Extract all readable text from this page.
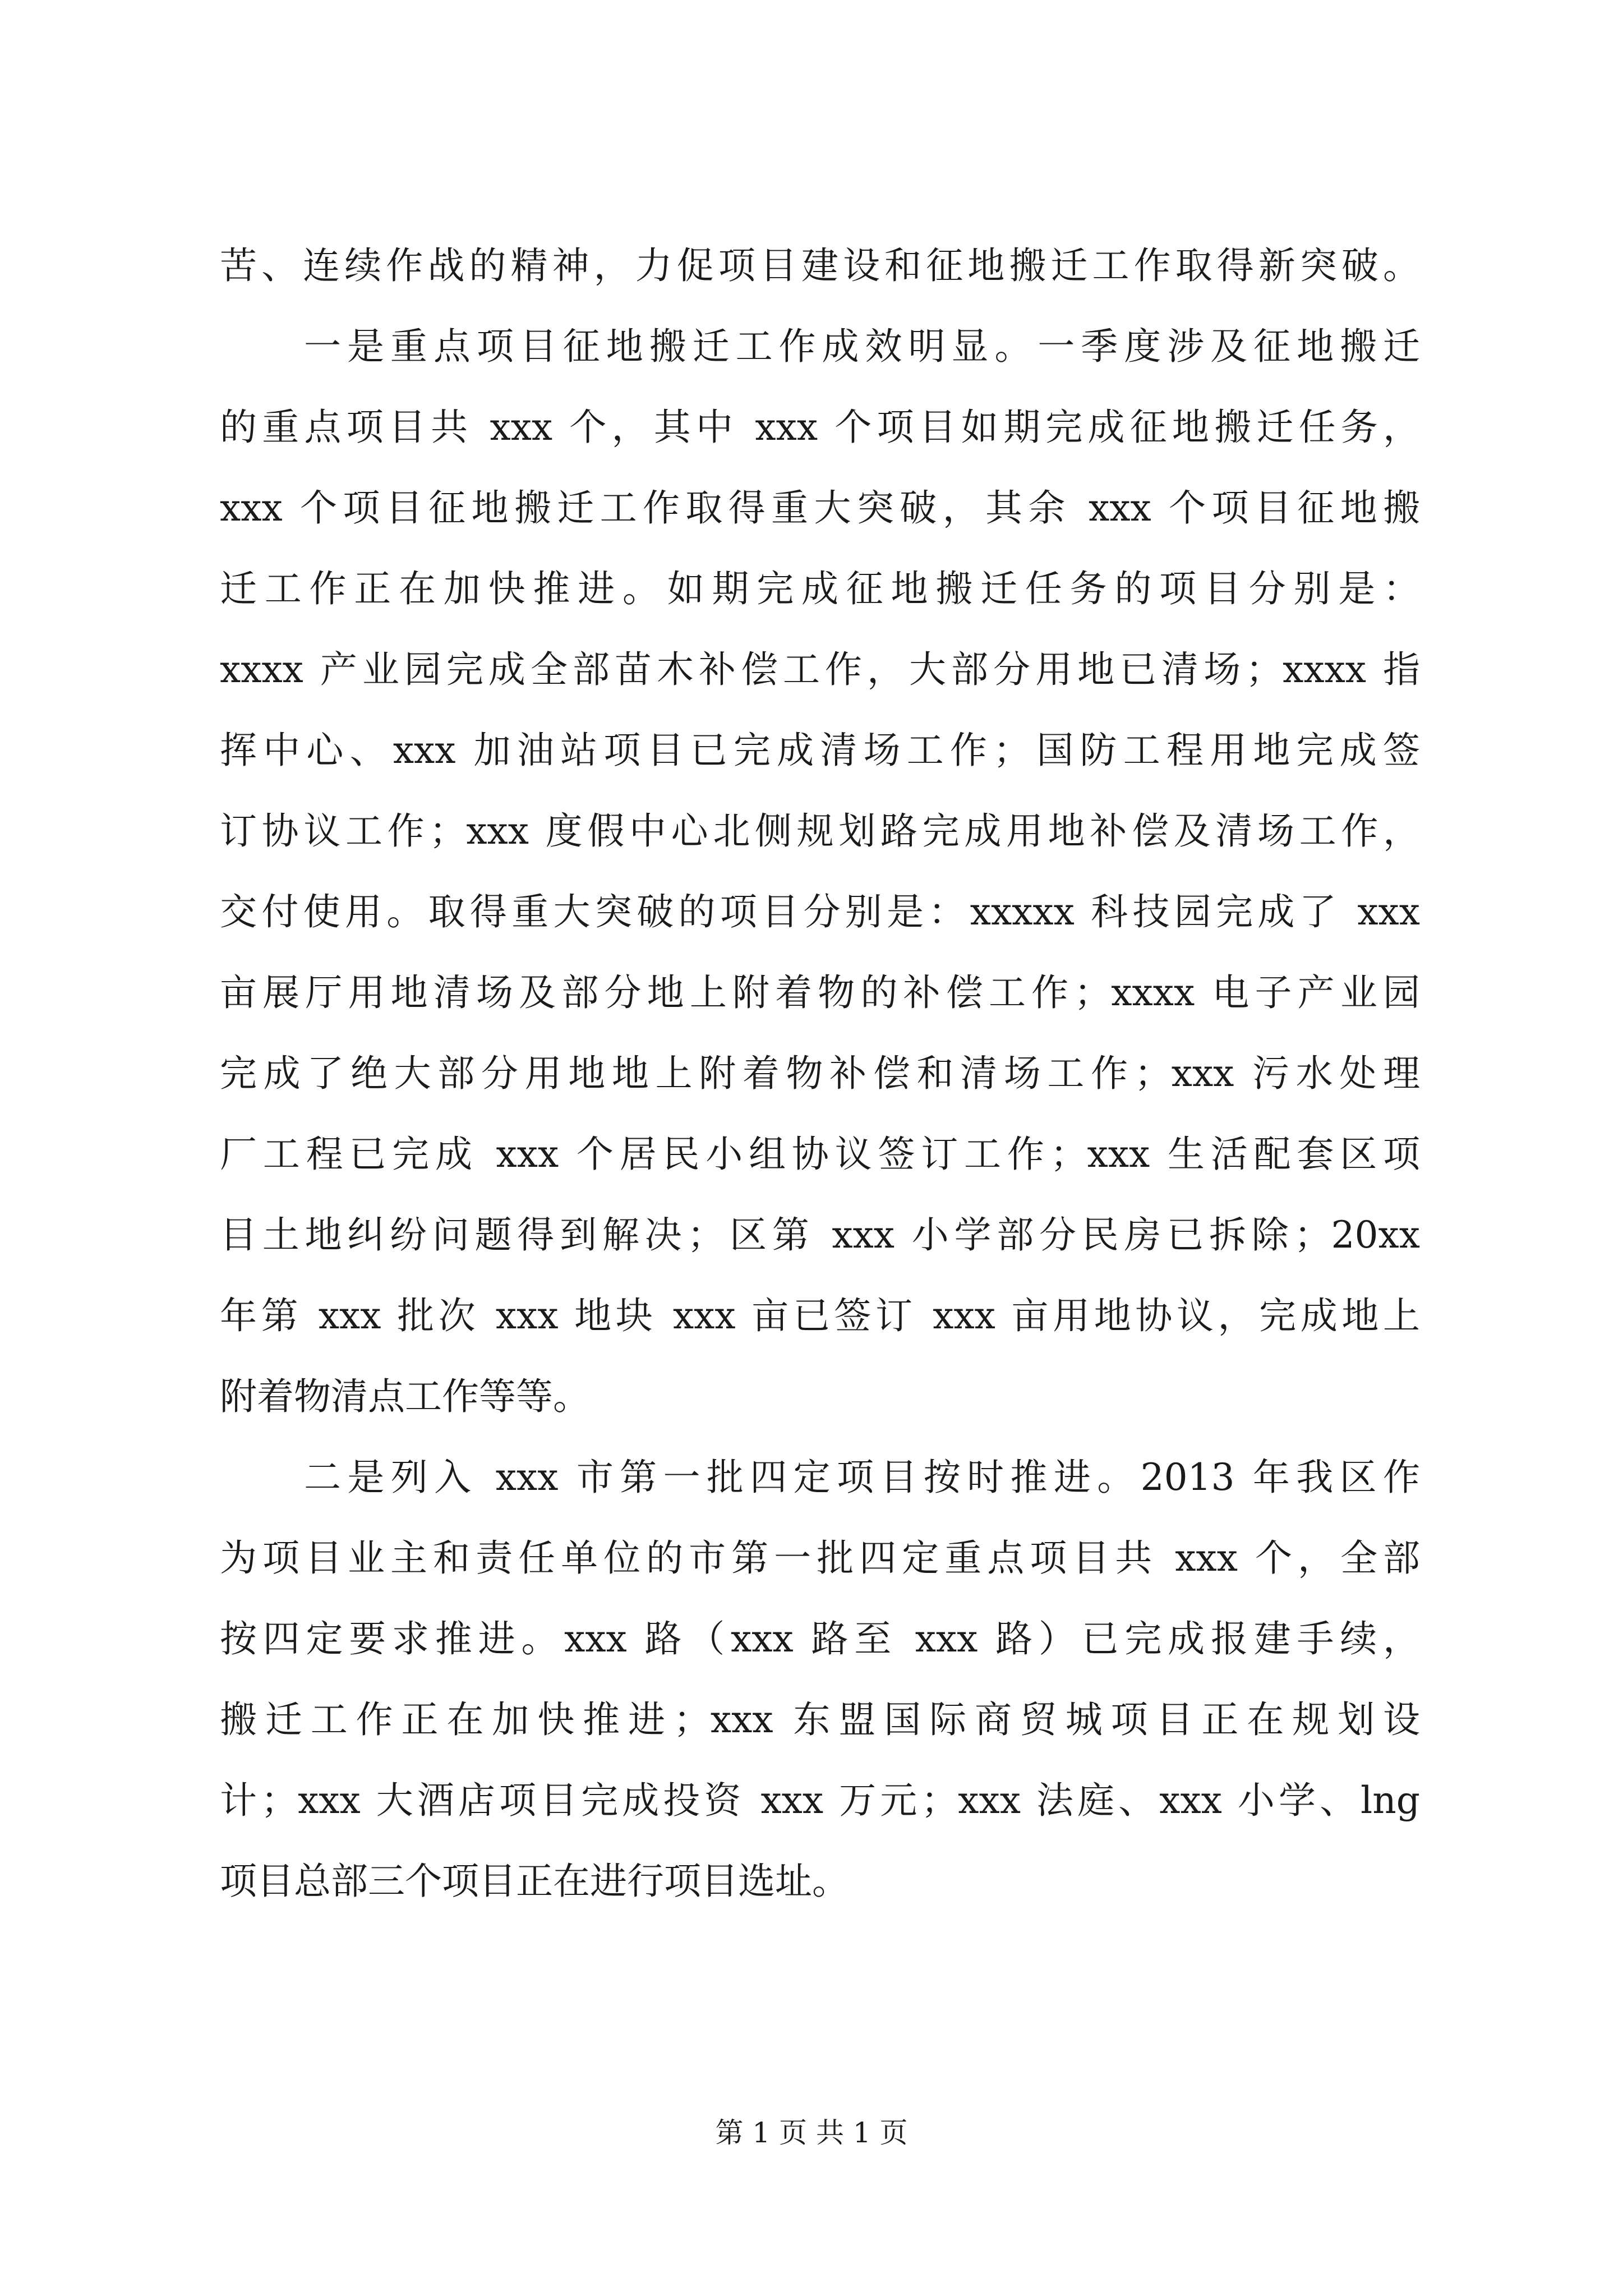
苦、连续作战的精神，力促项目建设和征地搬迁工作取得新突破。
一是重点项目征地搬迁工作成效明显。一季度涉及征地搬迁
的重点项目共 xxx 个，其中 xxx 个项目如期完成征地搬迁任务，
xxx 个项目征地搬迁工作取得重大突破，其余 xxx 个项目征地搬
迁工作正在加快推进。如期完成征地搬迁任务的项目分别是：
xxxx 产业园完成全部苗木补偿工作，大部分用地已清场；xxxx 指
挥中心、xxx 加油站项目已完成清场工作；国防工程用地完成签
订协议工作；xxx 度假中心北侧规划路完成用地补偿及清场工作，
交付使用。取得重大突破的项目分别是：xxxxx 科技园完成了 xxx
亩展厅用地清场及部分地上附着物的补偿工作；xxxx 电子产业园
完成了绝大部分用地地上附着物补偿和清场工作；xxx 污水处理
厂工程已完成 xxx 个居民小组协议签订工作；xxx 生活配套区项
目土地纠纷问题得到解决；区第 xxx 小学部分民房已拆除；20xx
年第 xxx 批次 xxx 地块 xxx 亩已签订 xxx 亩用地协议，完成地上
附着物清点工作等等。
二是列入 xxx 市第一批四定项目按时推进。2013 年我区作
为项目业主和责任单位的市第一批四定重点项目共 xxx 个，全部
按四定要求推进。xxx 路（xxx 路至 xxx 路）已完成报建手续，
搬迁工作正在加快推进；xxx 东盟国际商贸城项目正在规划设
计；xxx 大酒店项目完成投资 xxx 万元；xxx 法庭、xxx 小学、lng
项目总部三个项目正在进行项目选址。
第 1 页 共 1 页
